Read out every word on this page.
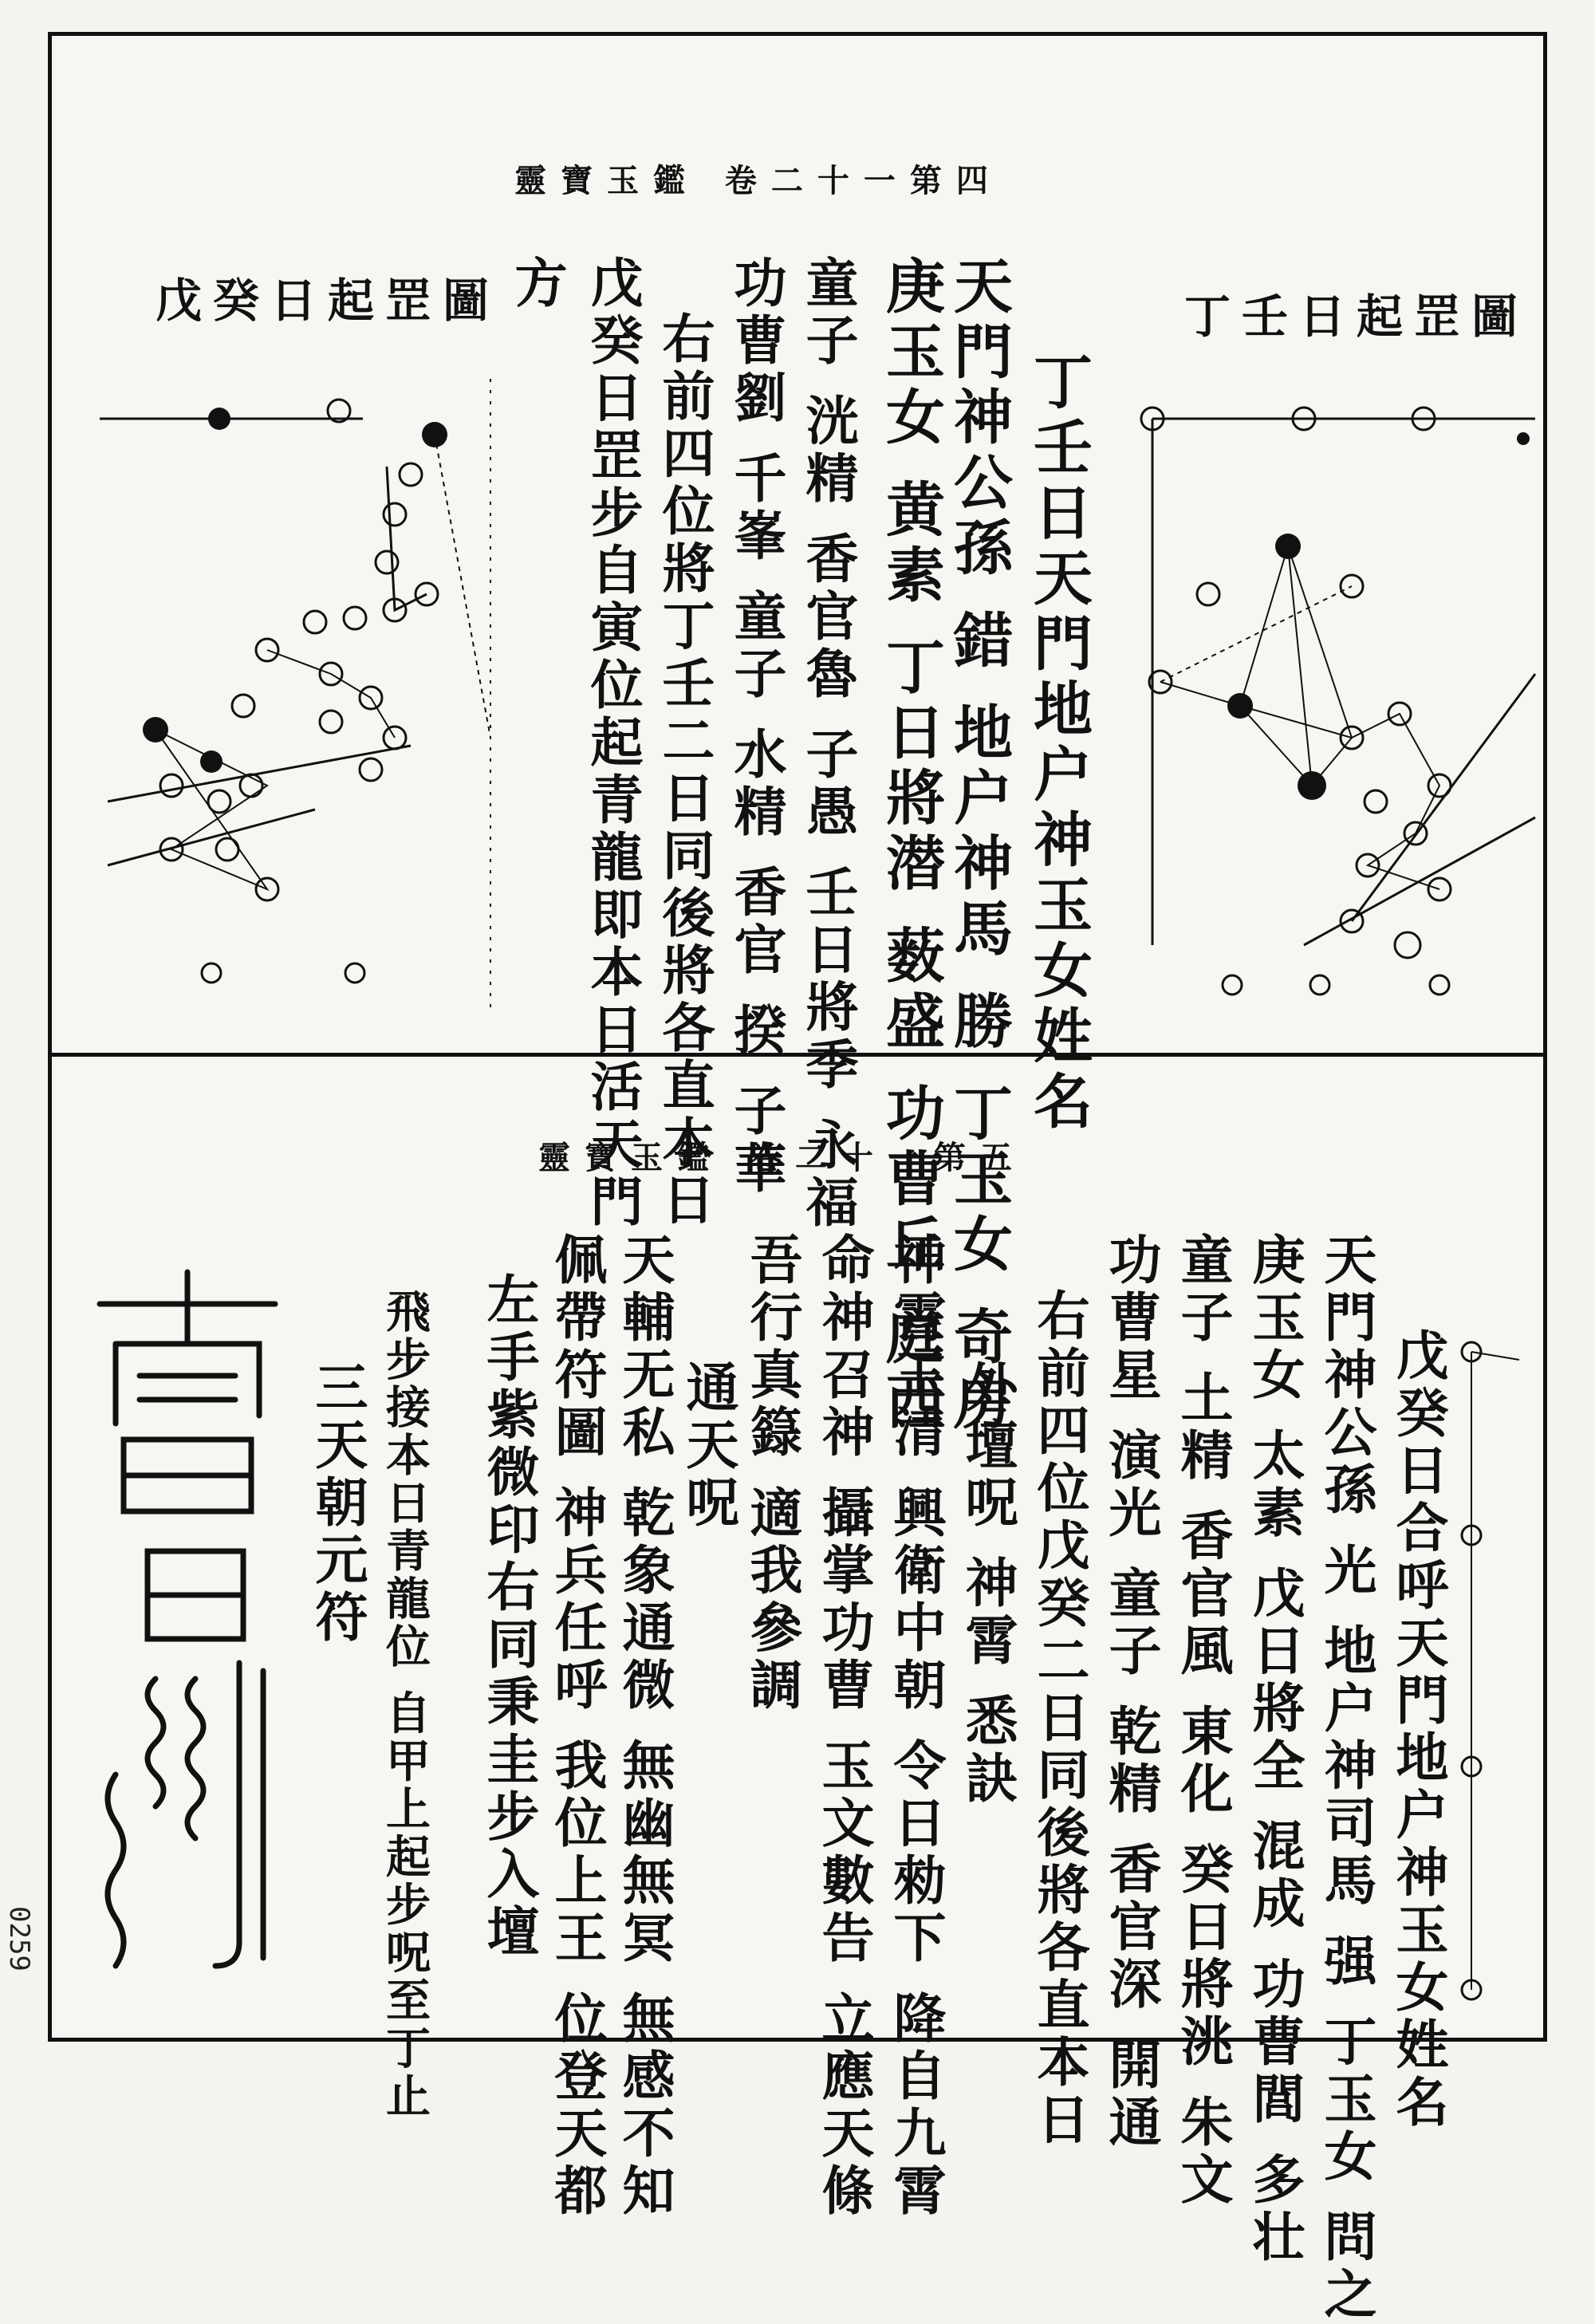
靈寶玉鑑 卷二十一第四
丁壬日起罡圖
戊癸日起罡圖
丁壬日天門地户神玉女姓名
天門神公孫 錯 地户神馬 勝 丁玉女 奇房
庚玉女 黄素 丁日將潜 薮盛 功曹丘 庭西
童子 洸精 香官魯 子愚 壬日將季 永福
功曹劉 千峯 童子 水精 香官 揆 子華
右前四位將丁壬二日同後將各直本日
戊癸日罡步自寅位起青龍即本日活天門
方
靈寶玉鑑 卷二十一第五
戊癸日合呼天門地户神玉女姓名
天門神公孫 光 地户神司馬 强 丁玉女 問之
庚玉女 太素 戊日將全 混成 功曹閭 多壮
童子 土精 香官風 東化 癸日將洮 朱文
功曹星 演光 童子 乾精 香官深 開通
右前四位戊癸二日同後將各直本日
外壇呪 神霄 悉訣
神霄玉清 興衛中朝 令日勑下 降自九霄
命神召神 攝掌功曹 玉文數告 立應天條
吾行真籙 適我參調
通天呪
天輔无私 乾象通微 無幽無冥 無感不知
佩帶符圖 神兵任呼 我位上王 位登天都
左手紫微印右同秉圭步入壇
飛步接本日青龍位 自甲上起步呪至丁止
三天朝元符
0259
